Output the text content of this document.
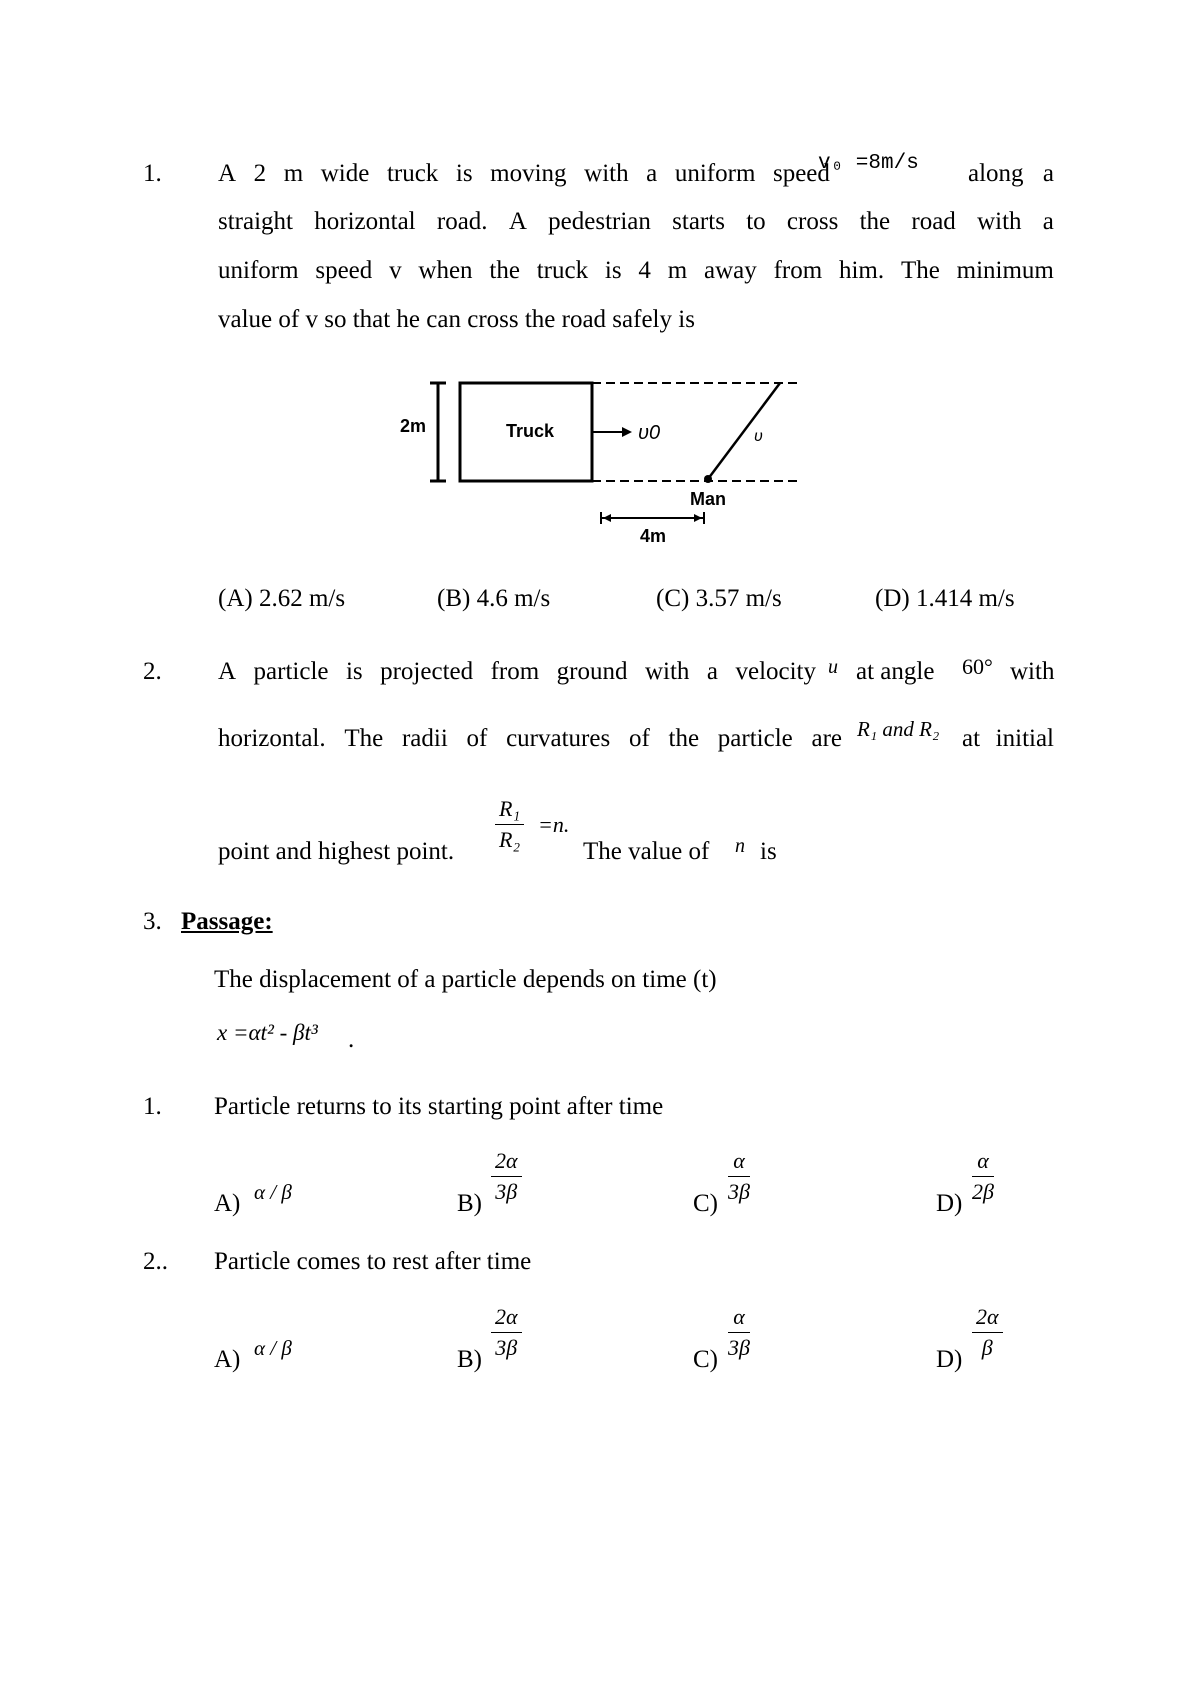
1. A 2 m wide truck is moving with a uniform speed
v₀ =8m/s along a
straight horizontal road. A pedestrian starts to cross the road with a
uniform speed v when the truck is 4 m away from him. The minimum
value of v so that he can cross the road safely is
2m	Truck	υ0	υ
Man
4m
(A) 2.62 m/s	(B) 4.6 m/s	(C) 3.57 m/s	(D) 1.414 m/s
2. A particle is projected from ground with a velocity u at angle 60° with
horizontal. The radii of curvatures of the particle are R₁ and R₂ at initial
point and highest point. $\frac{\text{R₁}}{\text{R₂}} =n$.
The value of n is
3. Passage:
The displacement of a particle depends on time (t)
x =αt² - βt³ .
1. Particle returns to its starting point after time
A) α / β	$B) \frac{2\alpha}{3\beta}$	$C) \frac{\alpha}{3\beta}$	$D) \frac{\alpha}{2\beta}$
2.. Particle comes to rest after time
A) α / β	$B) \frac{2\alpha}{3\beta}$	$C) \frac{\alpha}{3\beta}$	$D) \frac{2\alpha}{\beta}$
